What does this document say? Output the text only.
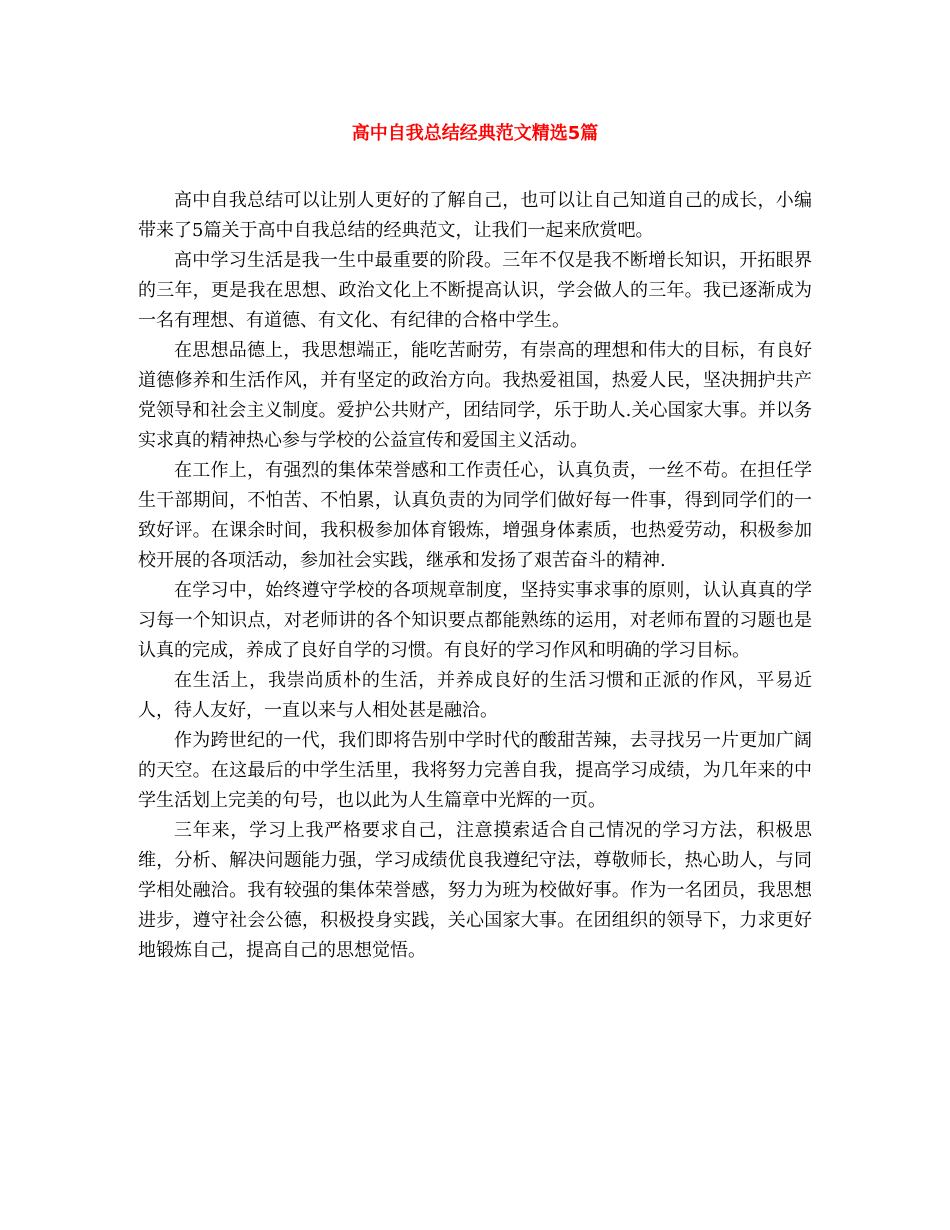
高中自我总结经典范文精选5篇

高中自我总结可以让别人更好的了解自己，也可以让自己知道自己的成长，小编带来了5篇关于高中自我总结的经典范文，让我们一起来欣赏吧。

高中学习生活是我一生中最重要的阶段。三年不仅是我不断增长知识，开拓眼界的三年，更是我在思想、政治文化上不断提高认识，学会做人的三年。我已逐渐成为一名有理想、有道德、有文化、有纪律的合格中学生。

在思想品德上，我思想端正，能吃苦耐劳，有崇高的理想和伟大的目标，有良好道德修养和生活作风，并有坚定的政治方向。我热爱祖国，热爱人民，坚决拥护共产党领导和社会主义制度。爱护公共财产，团结同学，乐于助人.关心国家大事。并以务实求真的精神热心参与学校的公益宣传和爱国主义活动。

在工作上，有强烈的集体荣誉感和工作责任心，认真负责，一丝不苟。在担任学生干部期间，不怕苦、不怕累，认真负责的为同学们做好每一件事，得到同学们的一致好评。在课余时间，我积极参加体育锻炼，增强身体素质，也热爱劳动，积极参加校开展的各项活动，参加社会实践，继承和发扬了艰苦奋斗的精神.

在学习中，始终遵守学校的各项规章制度，坚持实事求事的原则，认认真真的学习每一个知识点，对老师讲的各个知识要点都能熟练的运用，对老师布置的习题也是认真的完成，养成了良好自学的习惯。有良好的学习作风和明确的学习目标。

在生活上，我崇尚质朴的生活，并养成良好的生活习惯和正派的作风，平易近人，待人友好，一直以来与人相处甚是融洽。

作为跨世纪的一代，我们即将告别中学时代的酸甜苦辣，去寻找另一片更加广阔的天空。在这最后的中学生活里，我将努力完善自我，提高学习成绩，为几年来的中学生活划上完美的句号，也以此为人生篇章中光辉的一页。

三年来，学习上我严格要求自己，注意摸索适合自己情况的学习方法，积极思维，分析、解决问题能力强，学习成绩优良我遵纪守法，尊敬师长，热心助人，与同学相处融洽。我有较强的集体荣誉感，努力为班为校做好事。作为一名团员，我思想进步，遵守社会公德，积极投身实践，关心国家大事。在团组织的领导下，力求更好地锻炼自己，提高自己的思想觉悟。
